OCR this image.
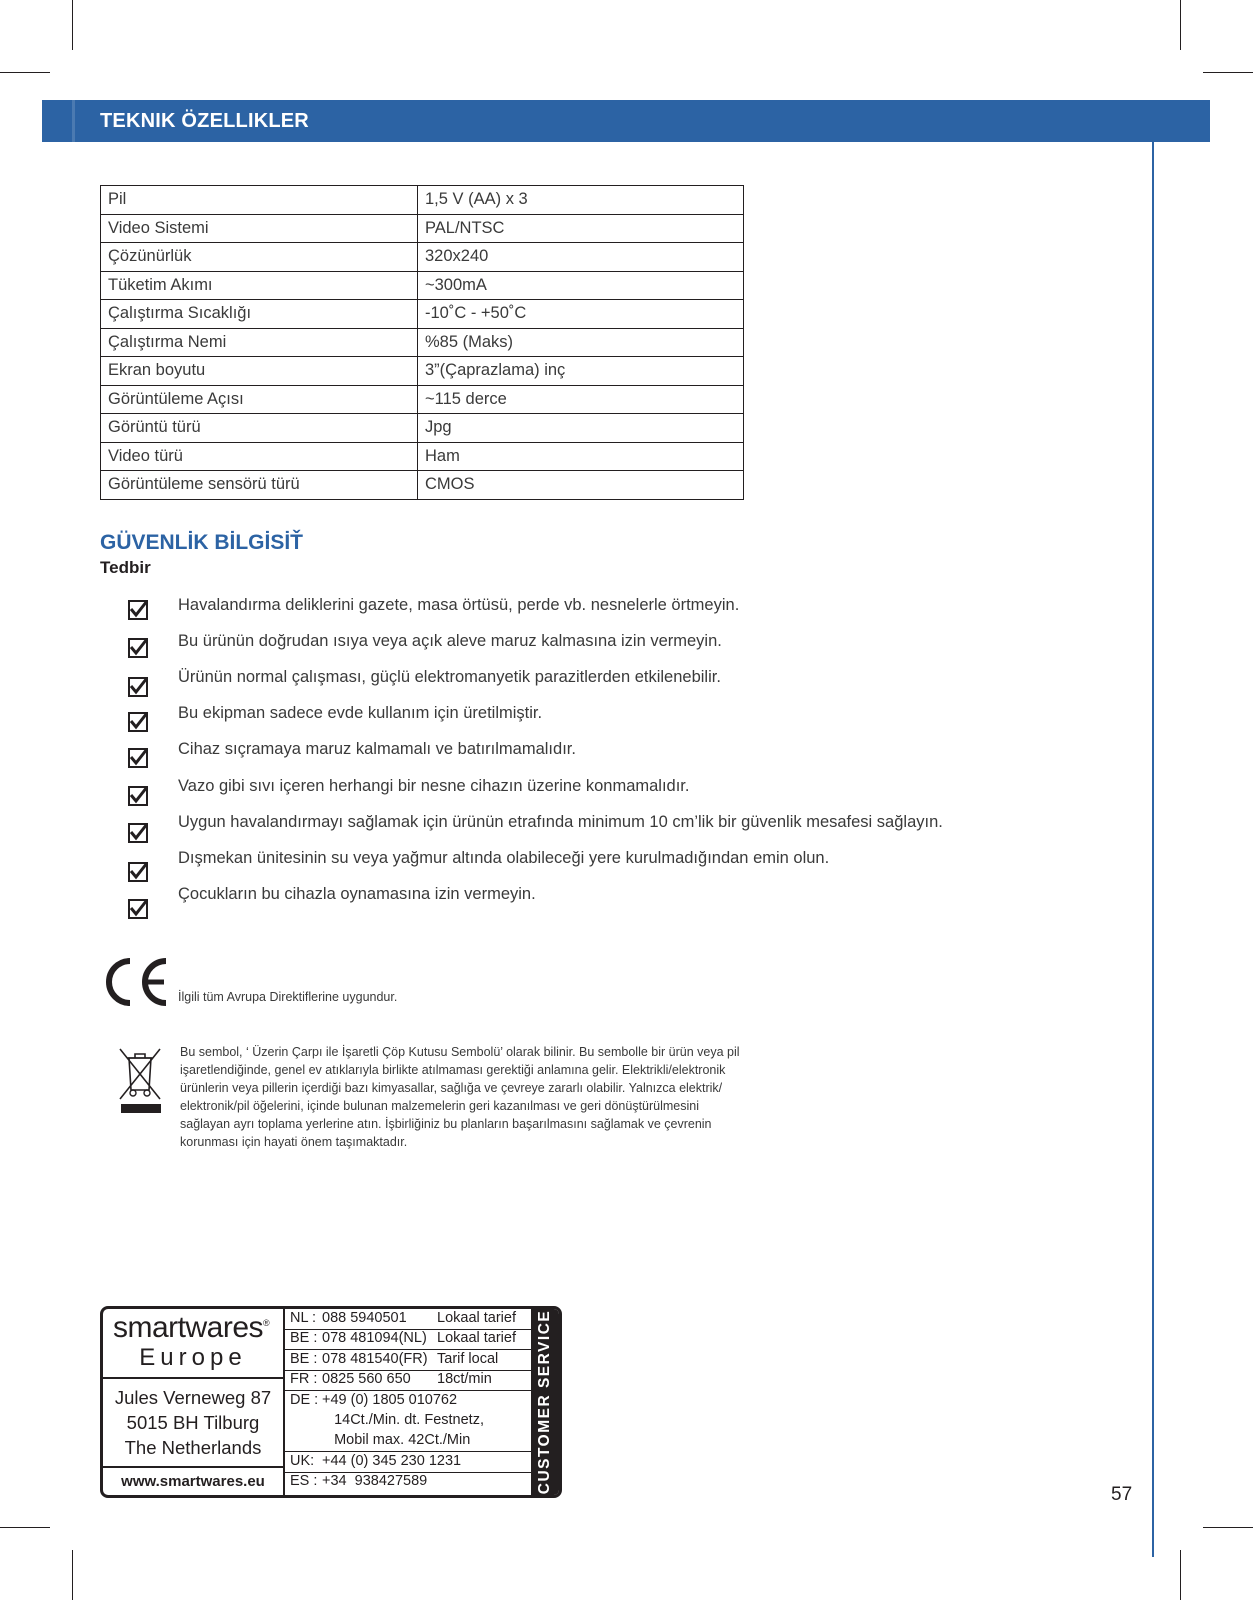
TEKNIK ÖZELLIKLER
Pil	1,5 V (AA) x 3
Video Sistemi	PAL/NTSC
Çözünürlük	320x240
Tüketim Akımı	~300mA
Çalıştırma Sıcaklığı	-10˚C - +50˚C
Çalıştırma Nemi	%85 (Maks)
Ekran boyutu	3”(Çaprazlama) inç
Görüntüleme Açısı	~115 derce
Görüntü türü	Jpg
Video türü	Ham
Görüntüleme sensörü türü	CMOS
GÜVENLİK BİLGİSİŤ
Tedbir
Havalandırma deliklerini gazete, masa örtüsü, perde vb. nesnelerle örtmeyin.
Bu ürünün doğrudan ısıya veya açık aleve maruz kalmasına izin vermeyin.
Ürünün normal çalışması, güçlü elektromanyetik parazitlerden etkilenebilir.
Bu ekipman sadece evde kullanım için üretilmiştir.
Cihaz sıçramaya maruz kalmamalı ve batırılmamalıdır.
Vazo gibi sıvı içeren herhangi bir nesne cihazın üzerine konmamalıdır.
Uygun havalandırmayı sağlamak için ürünün etrafında minimum 10 cm’lik bir güvenlik mesafesi sağlayın.
Dışmekan ünitesinin su veya yağmur altında olabileceği yere kurulmadığından emin olun.
Çocukların bu cihazla oynamasına izin vermeyin.
İlgili tüm Avrupa Direktiflerine uygundur.
Bu sembol, ‘ Üzerin Çarpı ile İşaretli Çöp Kutusu Sembolü’ olarak bilinir. Bu sembolle bir ürün veya pil
işaretlendiğinde, genel ev atıklarıyla birlikte atılmaması gerektiği anlamına gelir. Elektrikli/elektronik
ürünlerin veya pillerin içerdiği bazı kimyasallar, sağlığa ve çevreye zararlı olabilir. Yalnızca elektrik/
elektronik/pil öğelerini, içinde bulunan malzemelerin geri kazanılması ve geri dönüştürülmesini
sağlayan ayrı toplama yerlerine atın. İşbirliğiniz bu planların başarılmasını sağlamak ve çevrenin
korunması için hayati önem taşımaktadır.
smartwares®
Europe
Jules Verneweg 87
5015 BH Tilburg
The Netherlands
www.smartwares.eu
NL : 088 5940501 Lokaal tarief
BE : 078 481094(NL) Lokaal tarief
BE : 078 481540(FR) Tarif local
FR : 0825 560 650 18ct/min
DE : +49 (0) 1805 010762
14Ct./Min. dt. Festnetz,
Mobil max. 42Ct./Min
UK: +44 (0) 345 230 1231
ES : +34  938427589	CUSTOMER SERVICE
57
